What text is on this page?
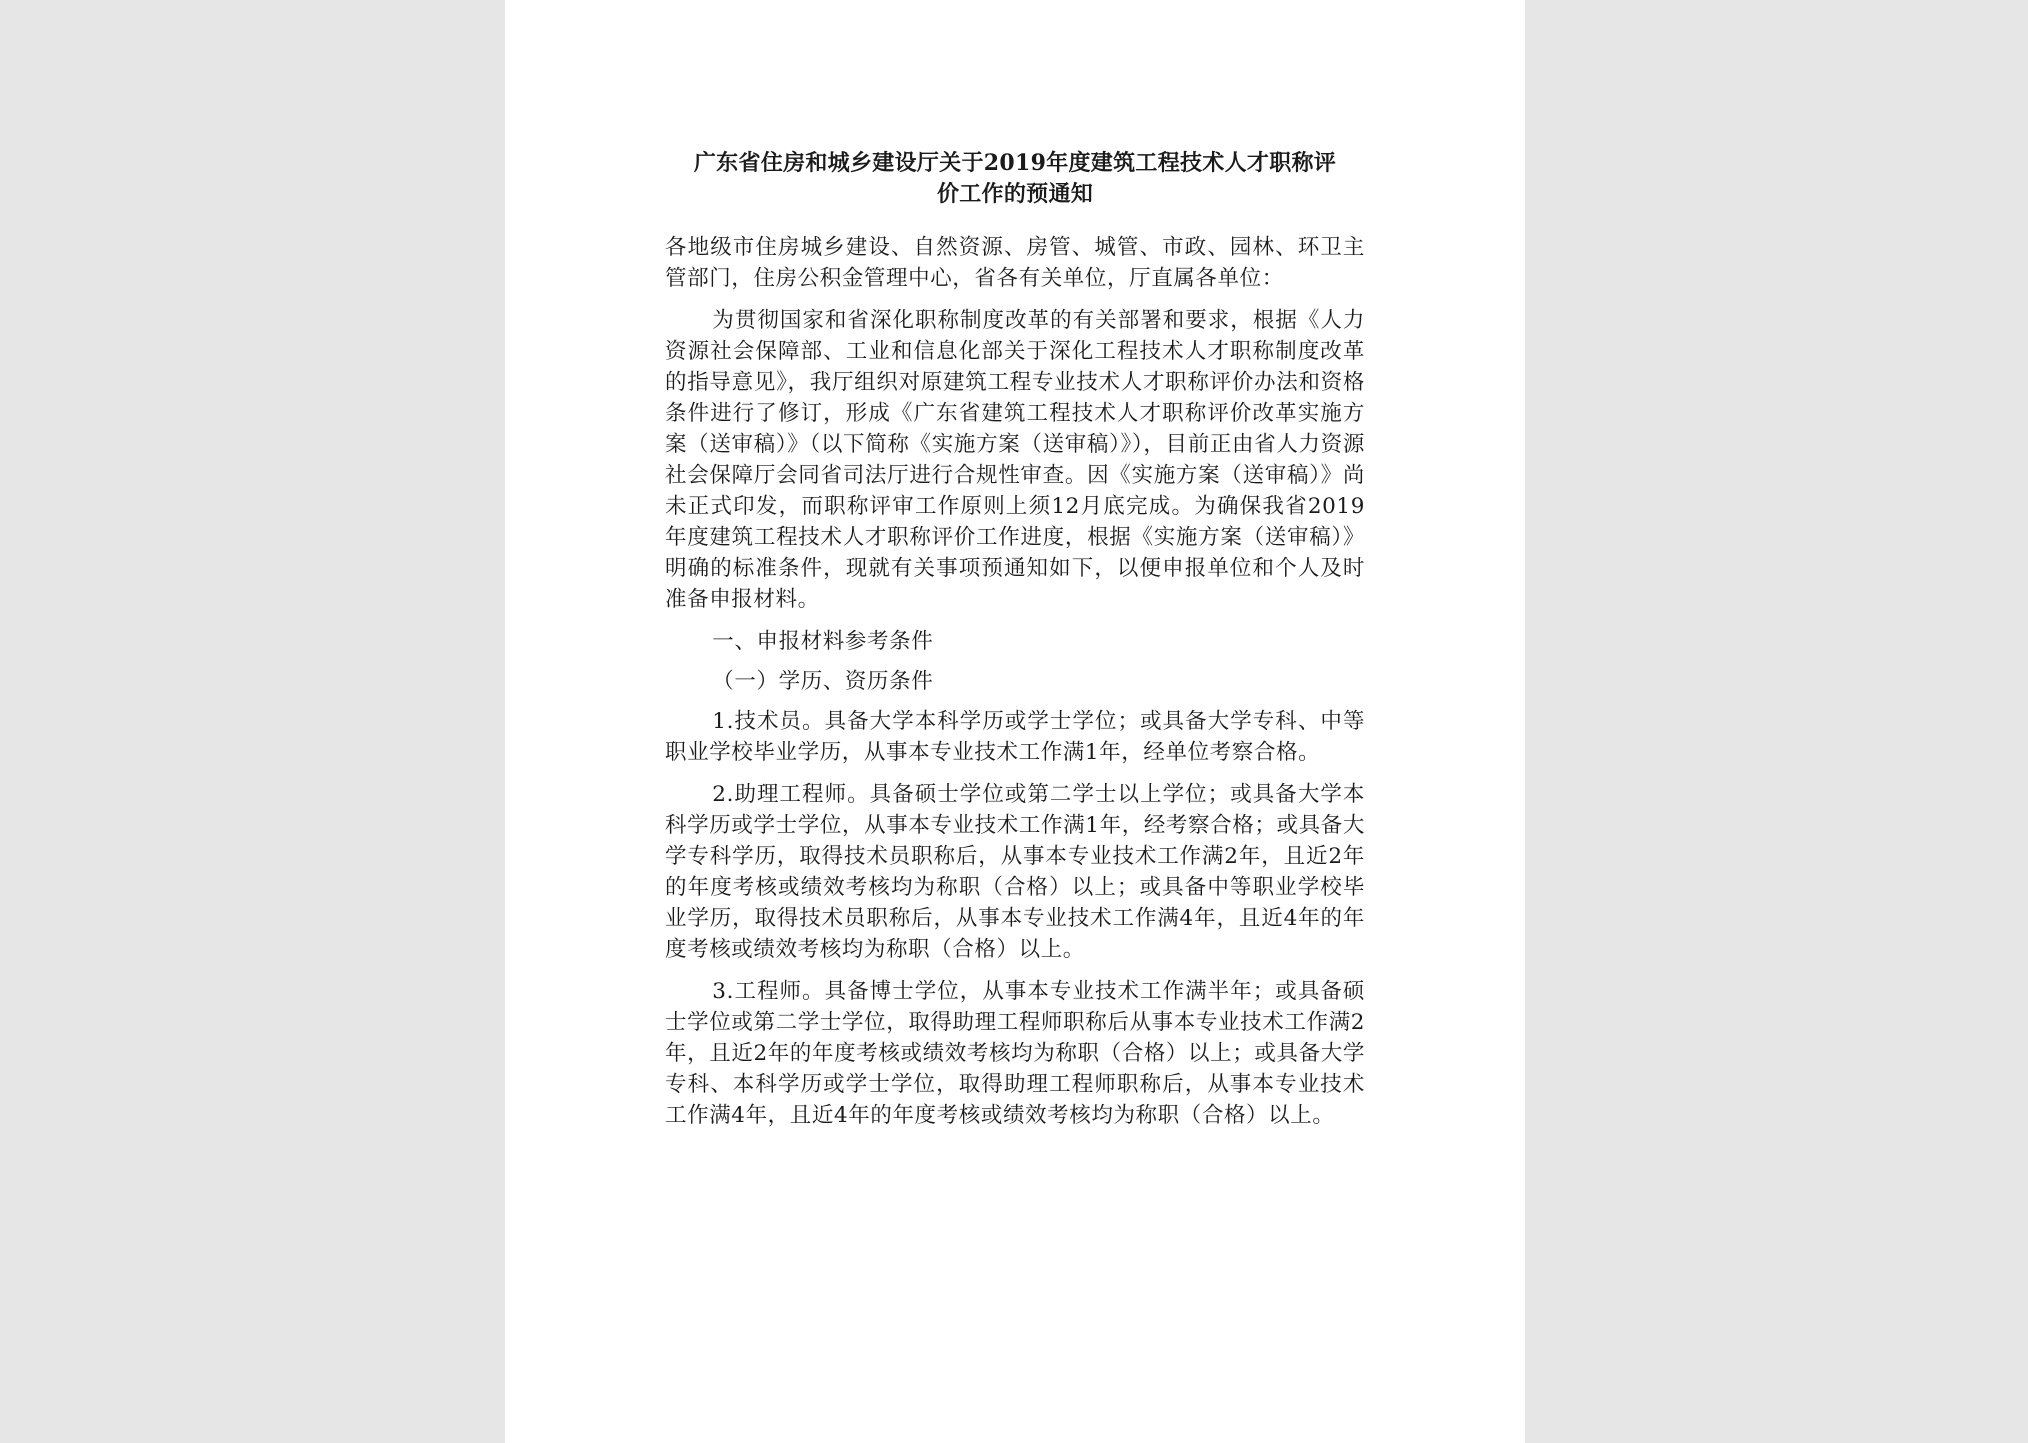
广东省住房和城乡建设厅关于2019年度建筑工程技术人才职称评
价工作的预通知

各地级市住房城乡建设、自然资源、房管、城管、市政、园林、环卫主管部门，住房公积金管理中心，省各有关单位，厅直属各单位：

为贯彻国家和省深化职称制度改革的有关部署和要求，根据《人力资源社会保障部、工业和信息化部关于深化工程技术人才职称制度改革的指导意见》，我厅组织对原建筑工程专业技术人才职称评价办法和资格条件进行了修订，形成《广东省建筑工程技术人才职称评价改革实施方案（送审稿）》（以下简称《实施方案（送审稿）》），目前正由省人力资源社会保障厅会同省司法厅进行合规性审查。因《实施方案（送审稿）》尚未正式印发，而职称评审工作原则上须12月底完成。为确保我省2019年度建筑工程技术人才职称评价工作进度，根据《实施方案（送审稿）》明确的标准条件，现就有关事项预通知如下，以便申报单位和个人及时准备申报材料。

一、申报材料参考条件

（一）学历、资历条件

1.技术员。具备大学本科学历或学士学位；或具备大学专科、中等职业学校毕业学历，从事本专业技术工作满1年，经单位考察合格。

2.助理工程师。具备硕士学位或第二学士以上学位；或具备大学本科学历或学士学位，从事本专业技术工作满1年，经考察合格；或具备大学专科学历，取得技术员职称后，从事本专业技术工作满2年，且近2年的年度考核或绩效考核均为称职（合格）以上；或具备中等职业学校毕业学历，取得技术员职称后，从事本专业技术工作满4年，且近4年的年度考核或绩效考核均为称职（合格）以上。

3.工程师。具备博士学位，从事本专业技术工作满半年；或具备硕士学位或第二学士学位，取得助理工程师职称后从事本专业技术工作满2年，且近2年的年度考核或绩效考核均为称职（合格）以上；或具备大学专科、本科学历或学士学位，取得助理工程师职称后，从事本专业技术工作满4年，且近4年的年度考核或绩效考核均为称职（合格）以上。
